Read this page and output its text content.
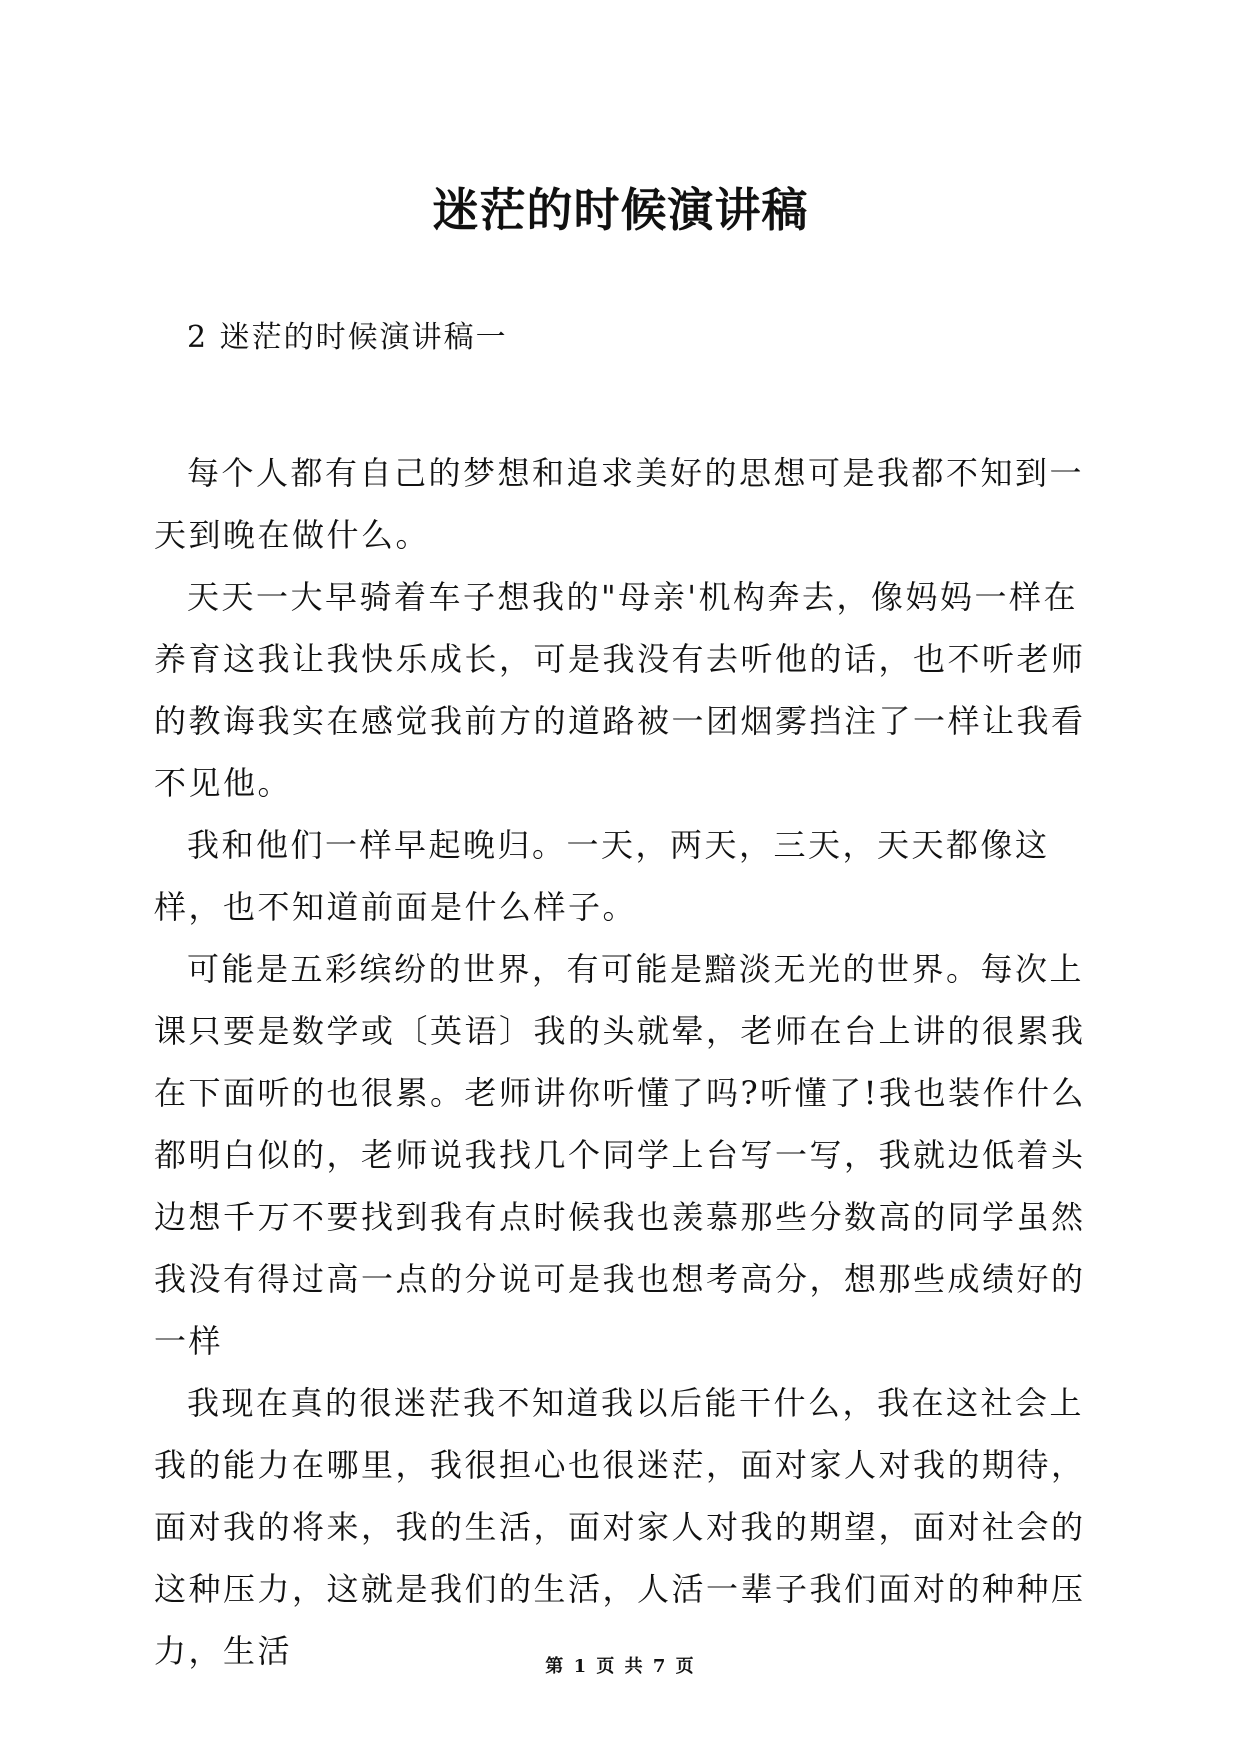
迷茫的时候演讲稿
2 迷茫的时候演讲稿一

每个人都有自己的梦想和追求美好的思想可是我都不知到一天到晚在做什么。

天天一大早骑着车子想我的"母亲'机构奔去，像妈妈一样在养育这我让我快乐成长，可是我没有去听他的话，也不听老师的教诲我实在感觉我前方的道路被一团烟雾挡注了一样让我看不见他。

我和他们一样早起晚归。一天，两天，三天，天天都像这样，也不知道前面是什么样子。

可能是五彩缤纷的世界，有可能是黯淡无光的世界。每次上课只要是数学或〔英语〕我的头就晕，老师在台上讲的很累我在下面听的也很累。老师讲你听懂了吗?听懂了!我也装作什么都明白似的，老师说我找几个同学上台写一写，我就边低着头边想千万不要找到我有点时候我也羡慕那些分数高的同学虽然我没有得过高一点的分说可是我也想考高分，想那些成绩好的一样

我现在真的很迷茫我不知道我以后能干什么，我在这社会上我的能力在哪里，我很担心也很迷茫，面对家人对我的期待，面对我的将来，我的生活，面对家人对我的期望，面对社会的这种压力，这就是我们的生活，人活一辈子我们面对的种种压力，生活	第 1 页 共 7 页
